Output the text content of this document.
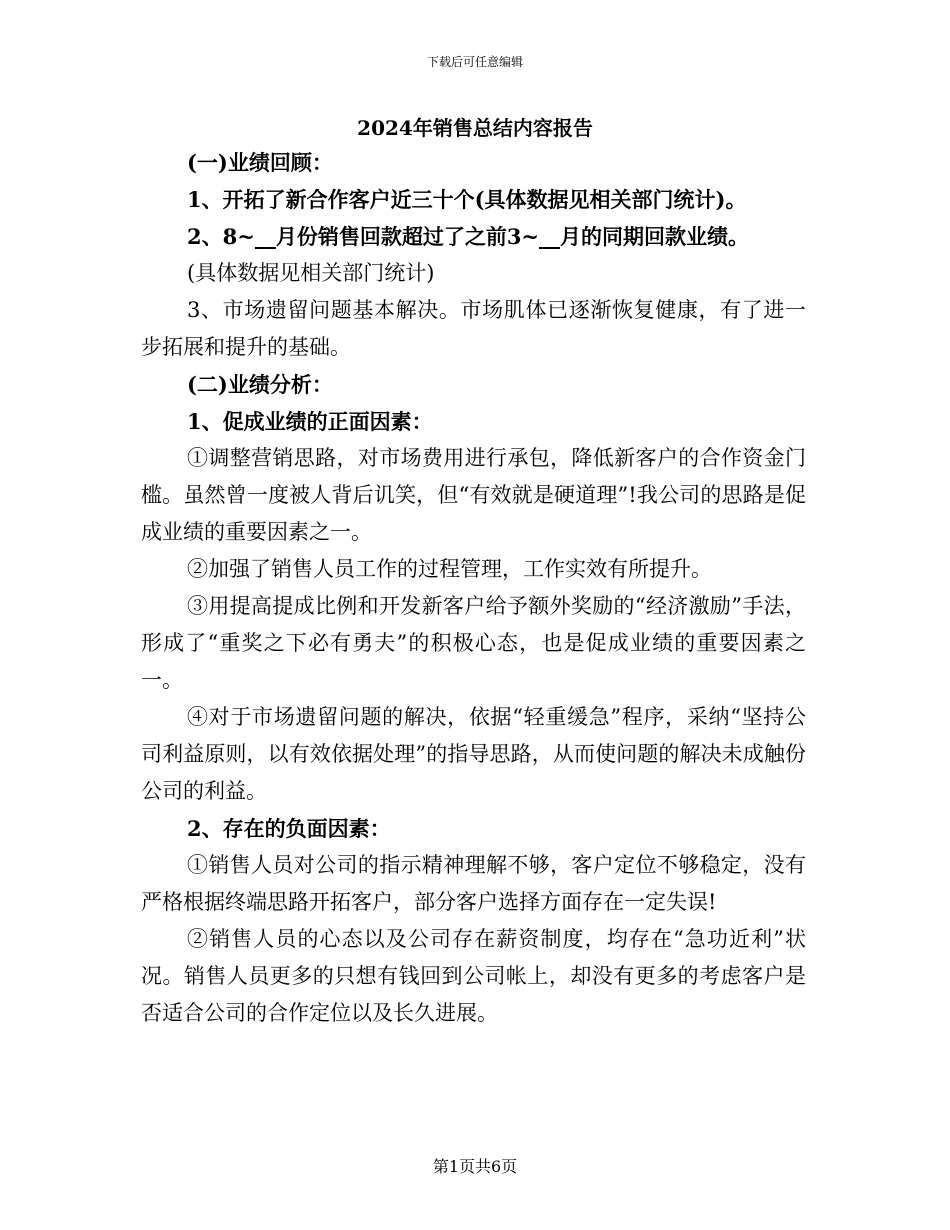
下载后可任意编辑
2024年销售总结内容报告

(一)业绩回顾：

1、开拓了新合作客户近三十个(具体数据见相关部门统计)。

2、8~__月份销售回款超过了之前3~__月的同期回款业绩。

(具体数据见相关部门统计)

3、市场遗留问题基本解决。市场肌体已逐渐恢复健康，有了进一步拓展和提升的基础。

(二)业绩分析：

1、促成业绩的正面因素：

①调整营销思路，对市场费用进行承包，降低新客户的合作资金门槛。虽然曾一度被人背后讥笑，但“有效就是硬道理”!我公司的思路是促成业绩的重要因素之一。

②加强了销售人员工作的过程管理，工作实效有所提升。

③用提高提成比例和开发新客户给予额外奖励的“经济激励”手法，形成了“重奖之下必有勇夫”的积极心态，也是促成业绩的重要因素之一。

④对于市场遗留问题的解决，依据“轻重缓急”程序，采纳“坚持公司利益原则，以有效依据处理”的指导思路，从而使问题的解决未成触份公司的利益。

2、存在的负面因素：

①销售人员对公司的指示精神理解不够，客户定位不够稳定，没有严格根据终端思路开拓客户，部分客户选择方面存在一定失误!

②销售人员的心态以及公司存在薪资制度，均存在“急功近利”状况。销售人员更多的只想有钱回到公司帐上，却没有更多的考虑客户是否适合公司的合作定位以及长久进展。

第1页共6页
